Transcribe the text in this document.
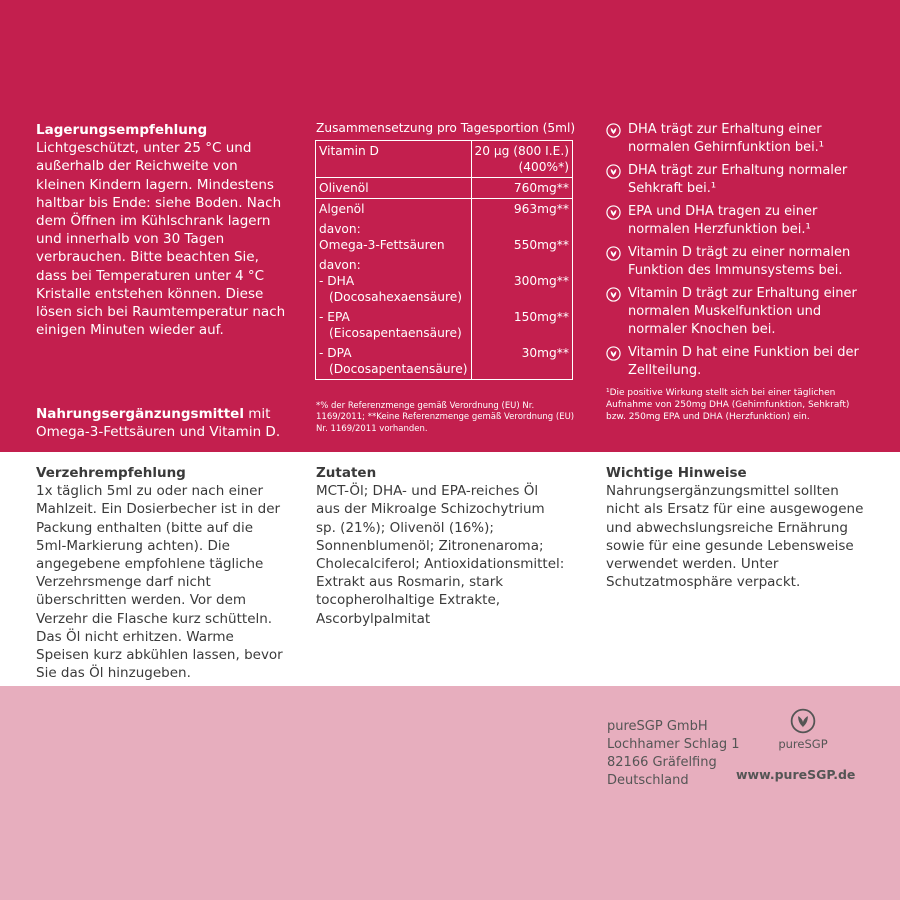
Lagerungsempfehlung
Lichtgeschützt, unter 25 °C und außerhalb der Reichweite von kleinen Kindern lagern. Mindestens haltbar bis Ende: siehe Boden. Nach dem Öffnen im Kühlschrank lagern und innerhalb von 30 Tagen verbrauchen. Bitte beachten Sie, dass bei Temperaturen unter 4 °C Kristalle entstehen können. Diese lösen sich bei Raumtemperatur nach einigen Minuten wieder auf.
Nahrungsergänzungsmittel mit Omega-3-Fettsäuren und Vitamin D.
Zusammensetzung pro Tagesportion (5ml)
Vitamin D	20 µg (800 I.E.)
(400%*)

Olivenöl	760mg**
Algenöl	963mg**

davon:
Omega-3-Fettsäuren	550mg**

davon:
- DHA
(Docosahexaensäure)	300mg**

- EPA
(Eicosapentaensäure)	150mg**

- DPA
(Docosapentaensäure)	30mg**
*% der Referenzmenge gemäß Verordnung (EU) Nr. 1169/2011; **Keine Referenzmenge gemäß Verordnung (EU) Nr. 1169/2011 vorhanden.
DHA trägt zur Erhaltung einer normalen Gehirnfunktion bei.¹
DHA trägt zur Erhaltung normaler Sehkraft bei.¹
EPA und DHA tragen zu einer normalen Herzfunktion bei.¹
Vitamin D trägt zu einer normalen Funktion des Immunsystems bei.
Vitamin D trägt zur Erhaltung einer normalen Muskelfunktion und normaler Knochen bei.
Vitamin D hat eine Funktion bei der Zellteilung.
¹Die positive Wirkung stellt sich bei einer täglichen Aufnahme von 250mg DHA (Gehirnfunktion, Sehkraft) bzw. 250mg EPA und DHA (Herzfunktion) ein.
Verzehrempfehlung
1x täglich 5ml zu oder nach einer Mahlzeit. Ein Dosierbecher ist in der Packung enthalten (bitte auf die 5ml-Markierung achten). Die angegebene empfohlene tägliche Verzehrsmenge darf nicht überschritten werden. Vor dem Verzehr die Flasche kurz schütteln. Das Öl nicht erhitzen. Warme Speisen kurz abkühlen lassen, bevor Sie das Öl hinzugeben.
Zutaten
MCT-Öl; DHA- und EPA-reiches Öl aus der Mikroalge Schizochytrium sp. (21%); Olivenöl (16%); Sonnenblumenöl; Zitronenaroma; Cholecalciferol; Antioxidationsmittel: Extrakt aus Rosmarin, stark tocopherolhaltige Extrakte, Ascorbylpalmitat
Wichtige Hinweise
Nahrungsergänzungsmittel sollten nicht als Ersatz für eine ausgewogene und abwechslungsreiche Ernährung sowie für eine gesunde Lebensweise verwendet werden. Unter Schutzatmosphäre verpackt.
pureSGP GmbH
Lochhamer Schlag 1
82166 Gräfelfing
Deutschland
pureSGP
www.pureSGP.de
